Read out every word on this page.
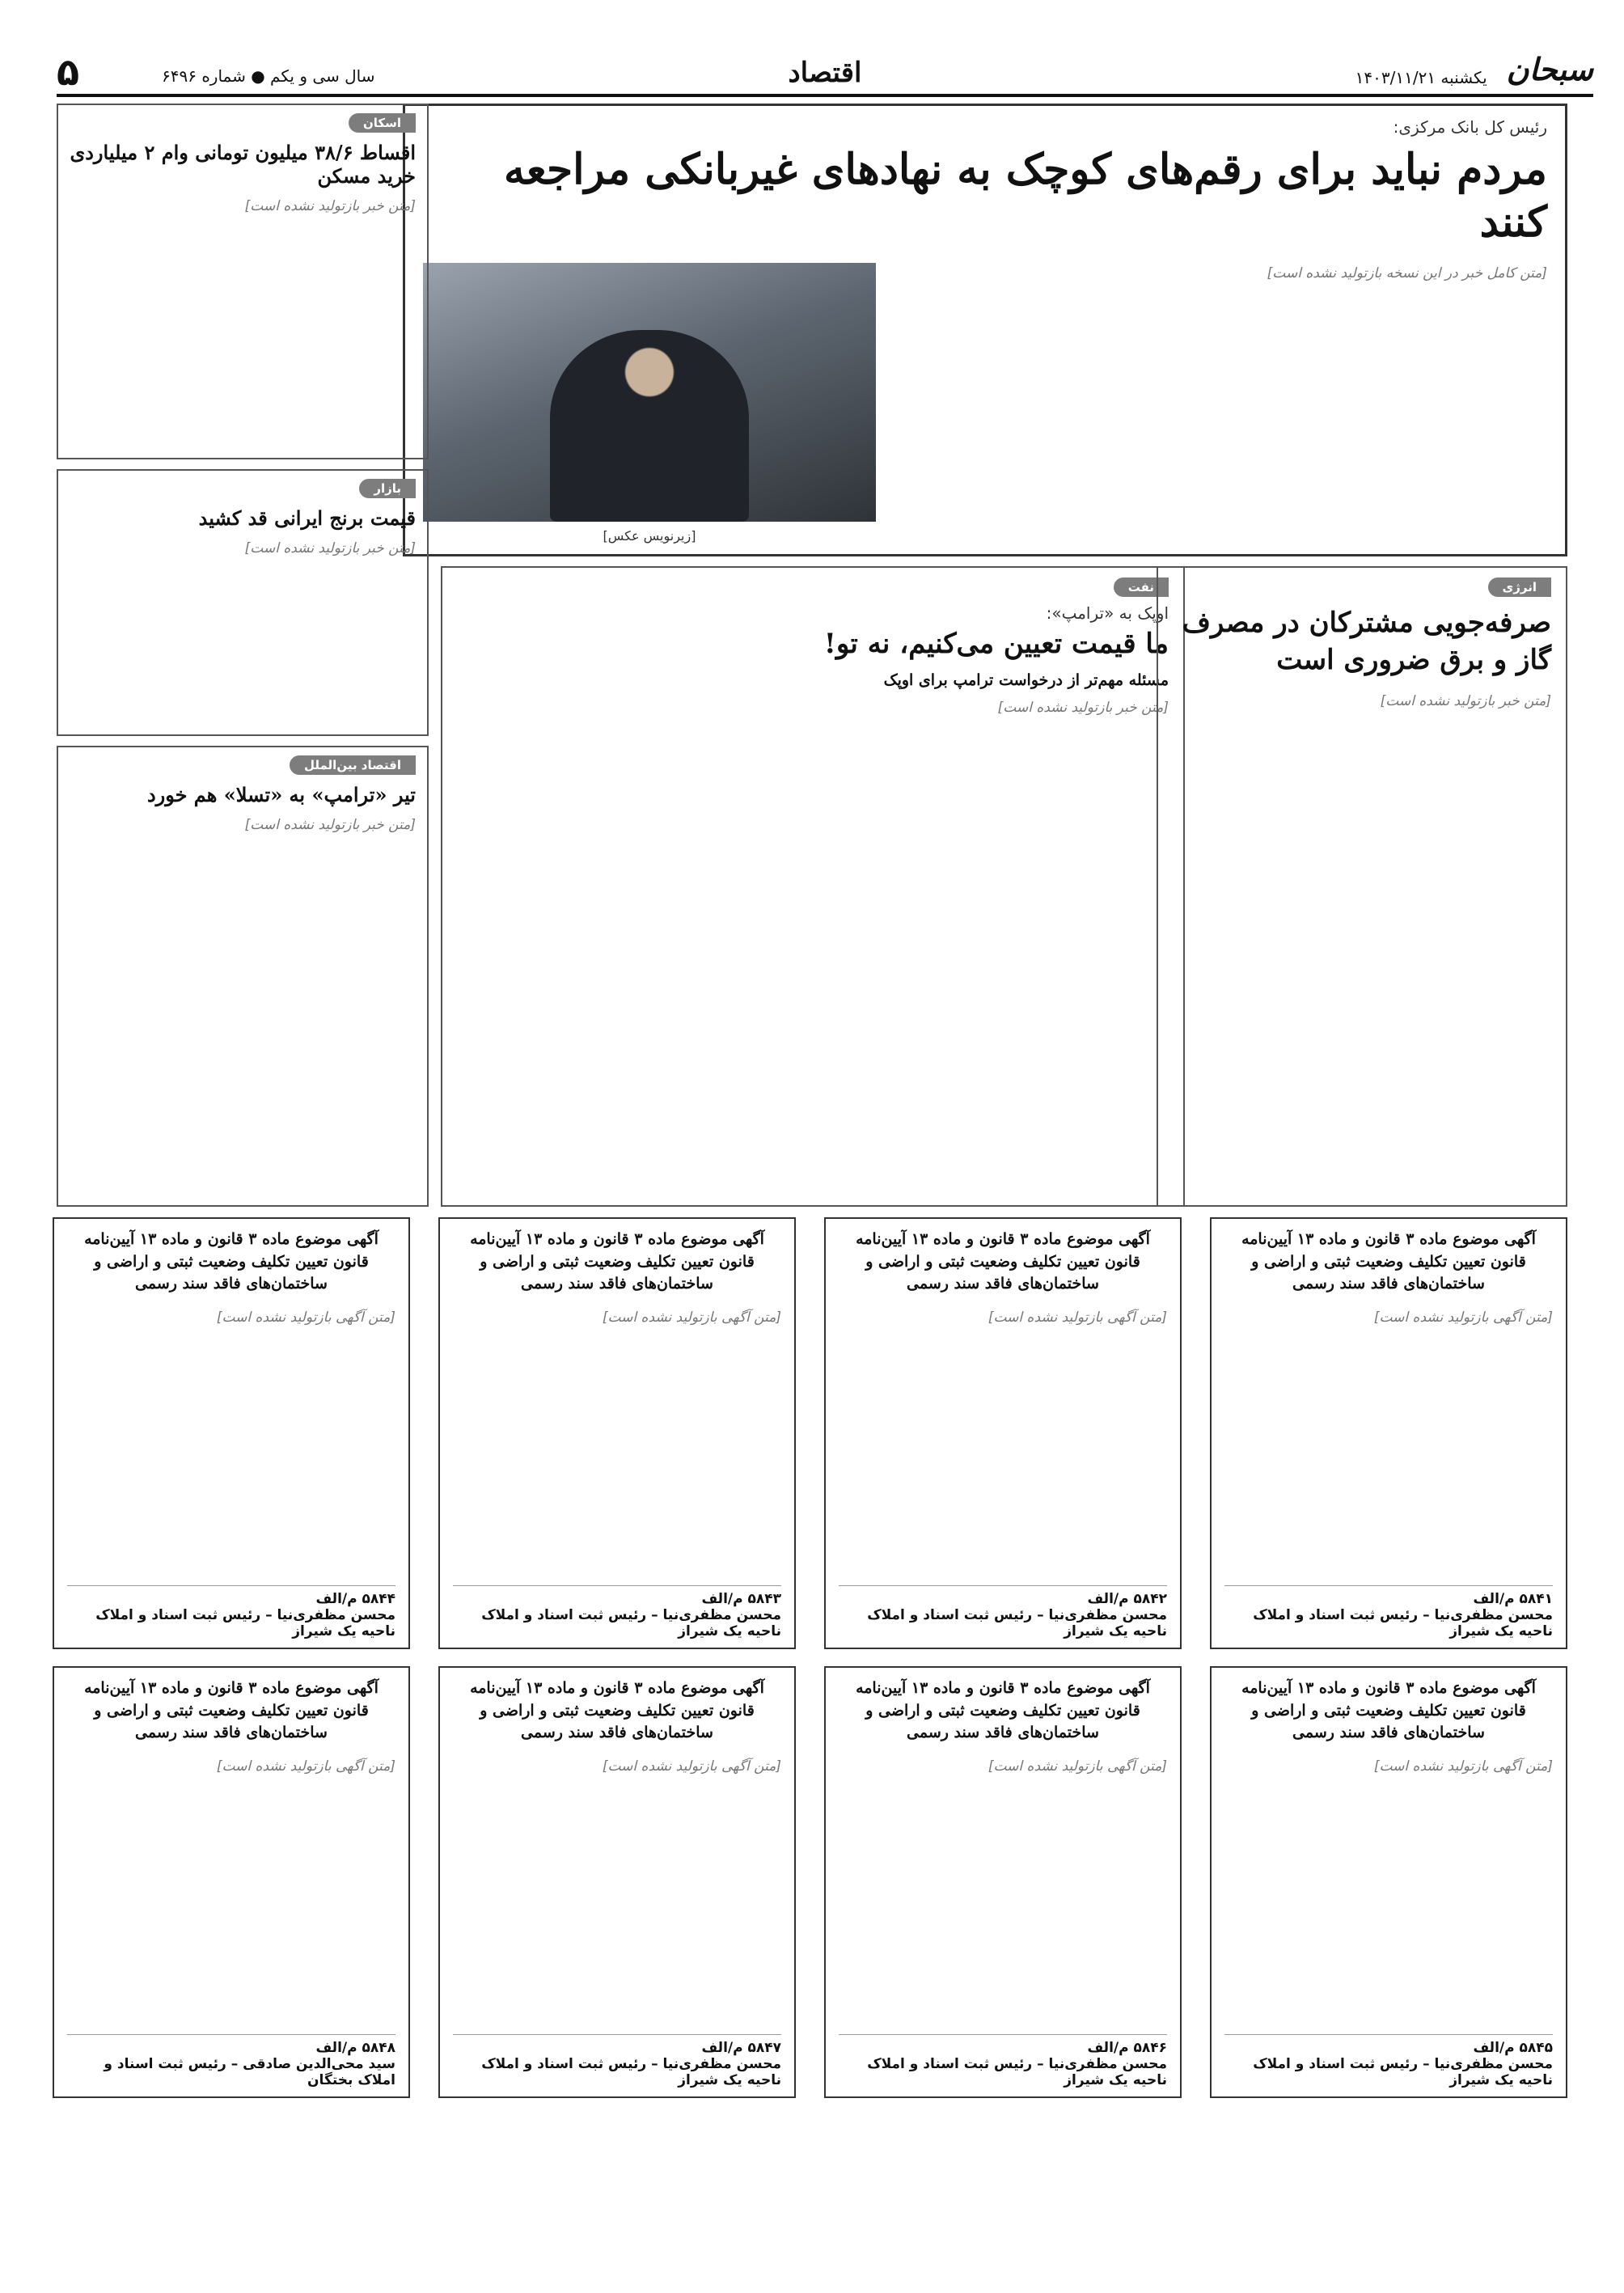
سبحان
یکشنبه ۱۴۰۳/۱۱/۲۱
اقتصاد
سال سی و یکم ● شماره ۶۴۹۶
۵
رئیس کل بانک مرکزی:
مردم نباید برای رقم‌های کوچک به نهادهای غیربانکی مراجعه کنند
[متن کامل خبر در این نسخه بازتولید نشده است]
[زیرنویس عکس]
اسکان
اقساط ۳۸/۶ میلیون تومانی وام ۲ میلیاردی خرید مسکن
[متن خبر بازتولید نشده است]
بازار
قیمت برنج ایرانی قد کشید
[متن خبر بازتولید نشده است]
اقتصاد بین‌الملل
تیر «ترامپ» به «تسلا» هم خورد
[متن خبر بازتولید نشده است]
نفت
اوپک به «ترامپ»:
ما قیمت تعیین می‌کنیم، نه تو!
مسئله مهم‌تر از درخواست ترامپ برای اوپک
[متن خبر بازتولید نشده است]
انرژی
صرفه‌جویی مشترکان در مصرف گاز و برق ضروری است
[متن خبر بازتولید نشده است]
آگهی موضوع ماده ۳ قانون و ماده ۱۳ آیین‌نامه قانون تعیین تکلیف وضعیت ثبتی و اراضی و ساختمان‌های فاقد سند رسمی
[متن آگهی بازتولید نشده است]
۵۸۴۱ م/الف
محسن مظفری‌نیا – رئیس ثبت اسناد و املاک ناحیه یک شیراز
آگهی موضوع ماده ۳ قانون و ماده ۱۳ آیین‌نامه قانون تعیین تکلیف وضعیت ثبتی و اراضی و ساختمان‌های فاقد سند رسمی
[متن آگهی بازتولید نشده است]
۵۸۴۲ م/الف
محسن مظفری‌نیا – رئیس ثبت اسناد و املاک ناحیه یک شیراز
آگهی موضوع ماده ۳ قانون و ماده ۱۳ آیین‌نامه قانون تعیین تکلیف وضعیت ثبتی و اراضی و ساختمان‌های فاقد سند رسمی
[متن آگهی بازتولید نشده است]
۵۸۴۳ م/الف
محسن مظفری‌نیا – رئیس ثبت اسناد و املاک ناحیه یک شیراز
آگهی موضوع ماده ۳ قانون و ماده ۱۳ آیین‌نامه قانون تعیین تکلیف وضعیت ثبتی و اراضی و ساختمان‌های فاقد سند رسمی
[متن آگهی بازتولید نشده است]
۵۸۴۴ م/الف
محسن مظفری‌نیا – رئیس ثبت اسناد و املاک ناحیه یک شیراز
آگهی موضوع ماده ۳ قانون و ماده ۱۳ آیین‌نامه قانون تعیین تکلیف وضعیت ثبتی و اراضی و ساختمان‌های فاقد سند رسمی
[متن آگهی بازتولید نشده است]
۵۸۴۵ م/الف
محسن مظفری‌نیا – رئیس ثبت اسناد و املاک ناحیه یک شیراز
آگهی موضوع ماده ۳ قانون و ماده ۱۳ آیین‌نامه قانون تعیین تکلیف وضعیت ثبتی و اراضی و ساختمان‌های فاقد سند رسمی
[متن آگهی بازتولید نشده است]
۵۸۴۶ م/الف
محسن مظفری‌نیا – رئیس ثبت اسناد و املاک ناحیه یک شیراز
آگهی موضوع ماده ۳ قانون و ماده ۱۳ آیین‌نامه قانون تعیین تکلیف وضعیت ثبتی و اراضی و ساختمان‌های فاقد سند رسمی
[متن آگهی بازتولید نشده است]
۵۸۴۷ م/الف
محسن مظفری‌نیا – رئیس ثبت اسناد و املاک ناحیه یک شیراز
آگهی موضوع ماده ۳ قانون و ماده ۱۳ آیین‌نامه قانون تعیین تکلیف وضعیت ثبتی و اراضی و ساختمان‌های فاقد سند رسمی
[متن آگهی بازتولید نشده است]
۵۸۴۸ م/الف
سید محی‌الدین صادقی – رئیس ثبت اسناد و املاک بختگان
